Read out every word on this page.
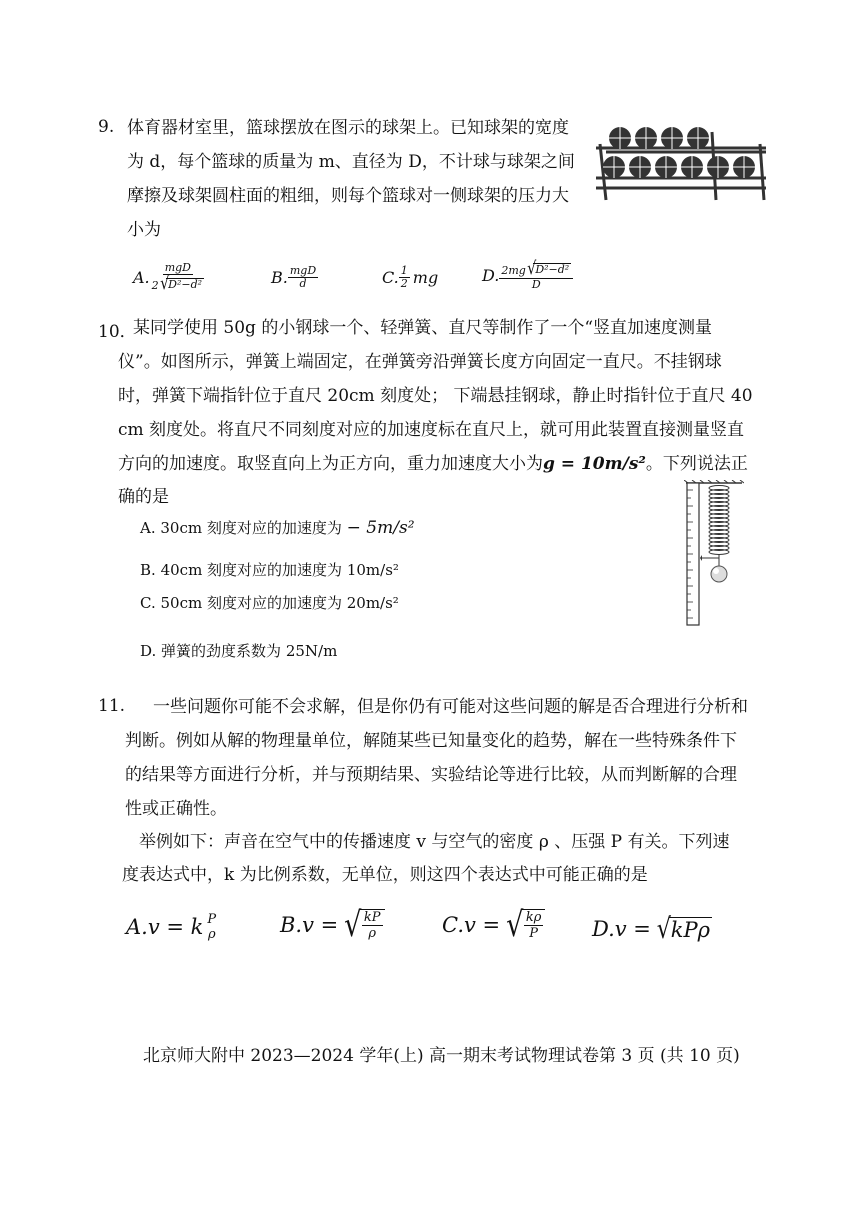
9. 体育器材室里，篮球摆放在图示的球架上。已知球架的宽度
为 d，每个篮球的质量为 m、直径为 D，不计球与球架之间
摩擦及球架圆柱面的粗细，则每个篮球对一侧球架的压力大
小为
A. $\frac{\text{mgD}}{\text{2 √ D²−d²}}$	B. $\frac{\text{mgD}}{d}$	C. $\frac{1}{2}$ mg	D. $\frac{\text{2mg √ D²−d²}}{D}$
10．
某同学使用 50g 的小钢球一个、轻弹簧、直尺等制作了一个“竖直加速度测量
仪”。如图所示，弹簧上端固定，在弹簧旁沿弹簧长度方向固定一直尺。不挂钢球
时，弹簧下端指针位于直尺 20cm 刻度处； 下端悬挂钢球，静止时指针位于直尺 40
cm 刻度处。将直尺不同刻度对应的加速度标在直尺上，就可用此装置直接测量竖直
方向的加速度。取竖直向上为正方向，重力加速度大小为g = 10m/s²。下列说法正
确的是
A. 30cm 刻度对应的加速度为 − 5m/s²
B. 40cm 刻度对应的加速度为 10m/s²
C. 50cm 刻度对应的加速度为 20m/s²
D. 弹簧的劲度系数为 25N/m
11. 一些问题你可能不会求解，但是你仍有可能对这些问题的解是否合理进行分析和
判断。例如从解的物理量单位，解随某些已知量变化的趋势，解在一些特殊条件下
的结果等方面进行分析，并与预期结果、实验结论等进行比较，从而判断解的合理
性或正确性。
举例如下：声音在空气中的传播速度 v 与空气的密度 ρ 、压强 P 有关。下列速
度表达式中，k 为比例系数，无单位，则这四个表达式中可能正确的是
A.v = k P
ρ	B.v = √ $\frac{kP}{\rho}$	C.v = √ $\frac{k\rho}{P} D.v$ = √ kPρ
北京师大附中 2023—2024 学年(上) 高一期末考试物理试卷第 3 页 (共 10 页)
